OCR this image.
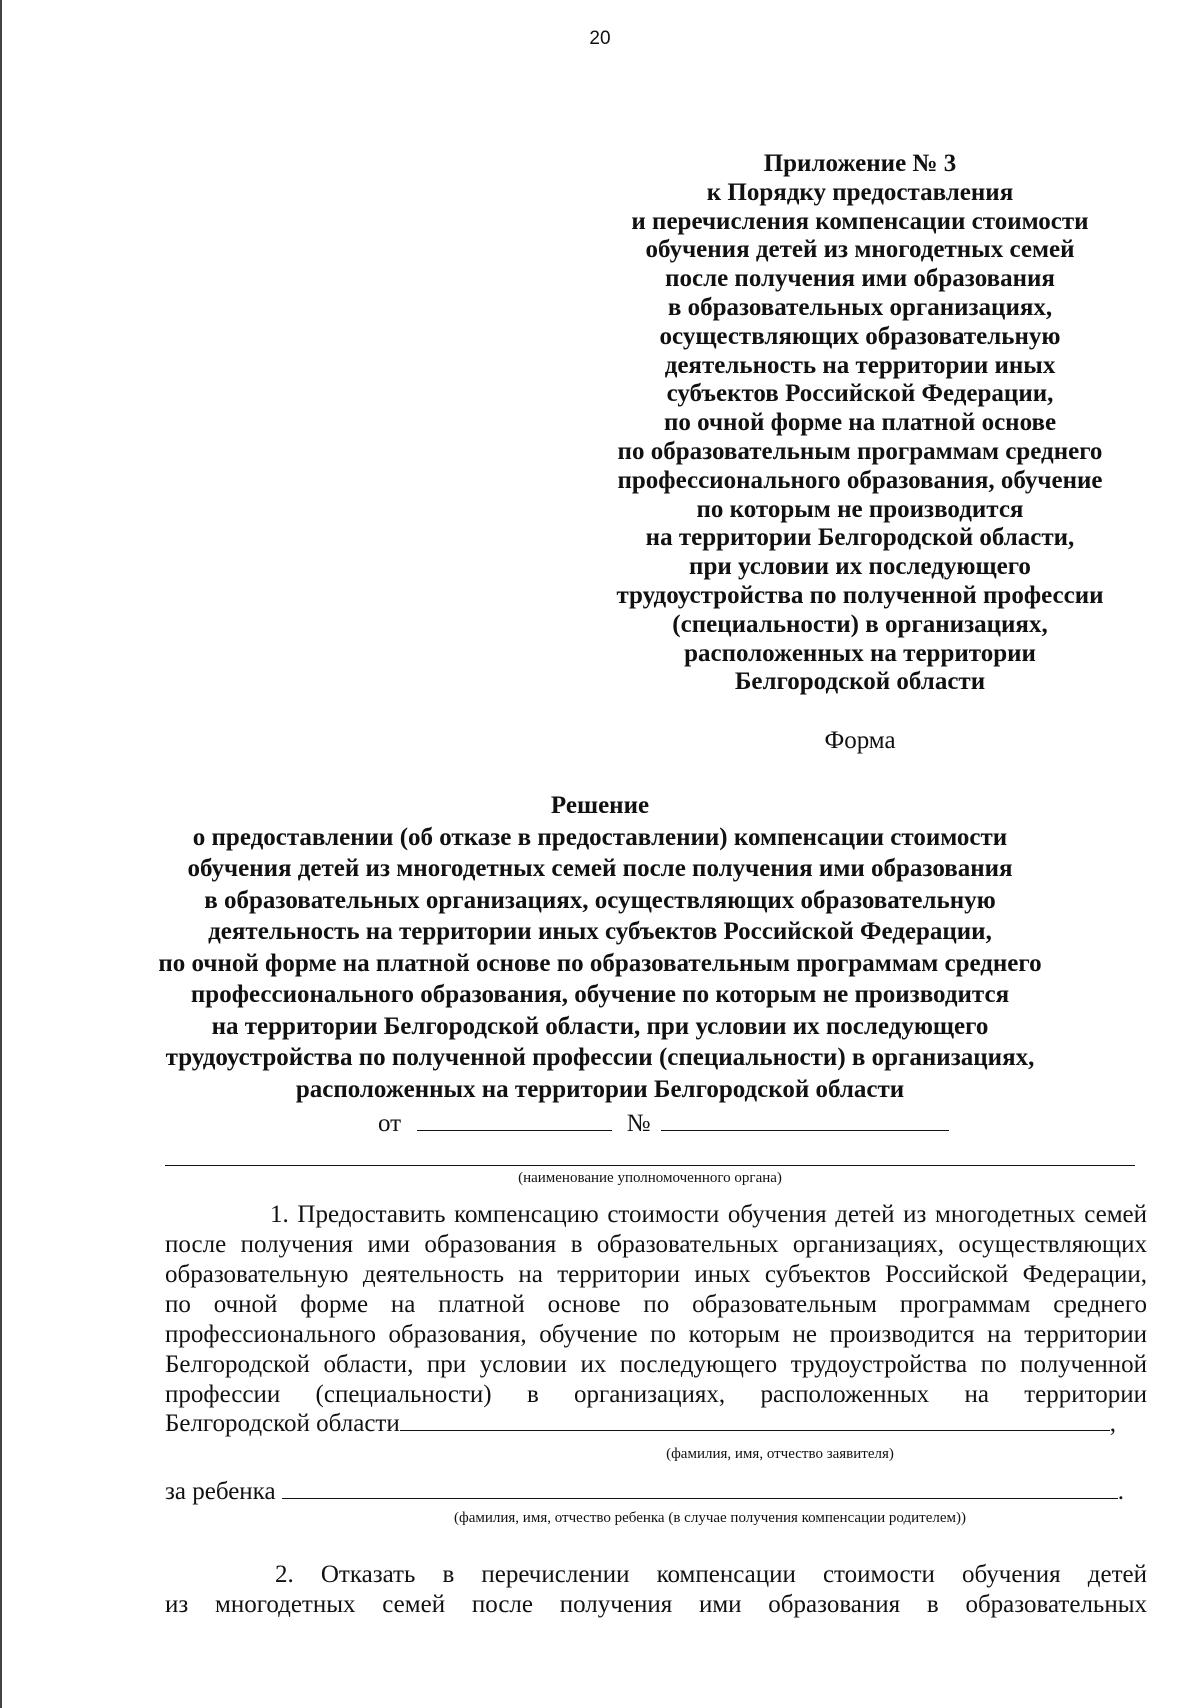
20
Приложение № 3
к Порядку предоставления
и перечисления компенсации стоимости
обучения детей из многодетных семей
после получения ими образования
в образовательных организациях,
осуществляющих образовательную
деятельность на территории иных
субъектов Российской Федерации,
по очной форме на платной основе
по образовательным программам среднего
профессионального образования, обучение
по которым не производится
на территории Белгородской области,
при условии их последующего
трудоустройства по полученной профессии
(специальности) в организациях,
расположенных на территории
Белгородской области
Форма
Решение
о предоставлении (об отказе в предоставлении) компенсации стоимости
обучения детей из многодетных семей после получения ими образования
в образовательных организациях, осуществляющих образовательную
деятельность на территории иных субъектов Российской Федерации,
по очной форме на платной основе по образовательным программам среднего
профессионального образования, обучение по которым не производится
на территории Белгородской области, при условии их последующего
трудоустройства по полученной профессии (специальности) в организациях,
расположенных на территории Белгородской области
от	№
(наименование уполномоченного органа)
1. Предоставить компенсацию стоимости обучения детей из многодетных семей
после получения ими образования в образовательных организациях, осуществляющих
образовательную деятельность на территории иных субъектов Российской Федерации,
по очной форме на платной основе по образовательным программам среднего
профессионального образования, обучение по которым не производится на территории
Белгородской области, при условии их последующего трудоустройства по полученной
профессии (специальности) в организациях, расположенных на территории
Белгородской области	,
(фамилия, имя, отчество заявителя)
за ребенка	.
(фамилия, имя, отчество ребенка (в случае получения компенсации родителем))
2. Отказать в перечислении компенсации стоимости обучения детей
из многодетных семей после получения ими образования в образовательных
